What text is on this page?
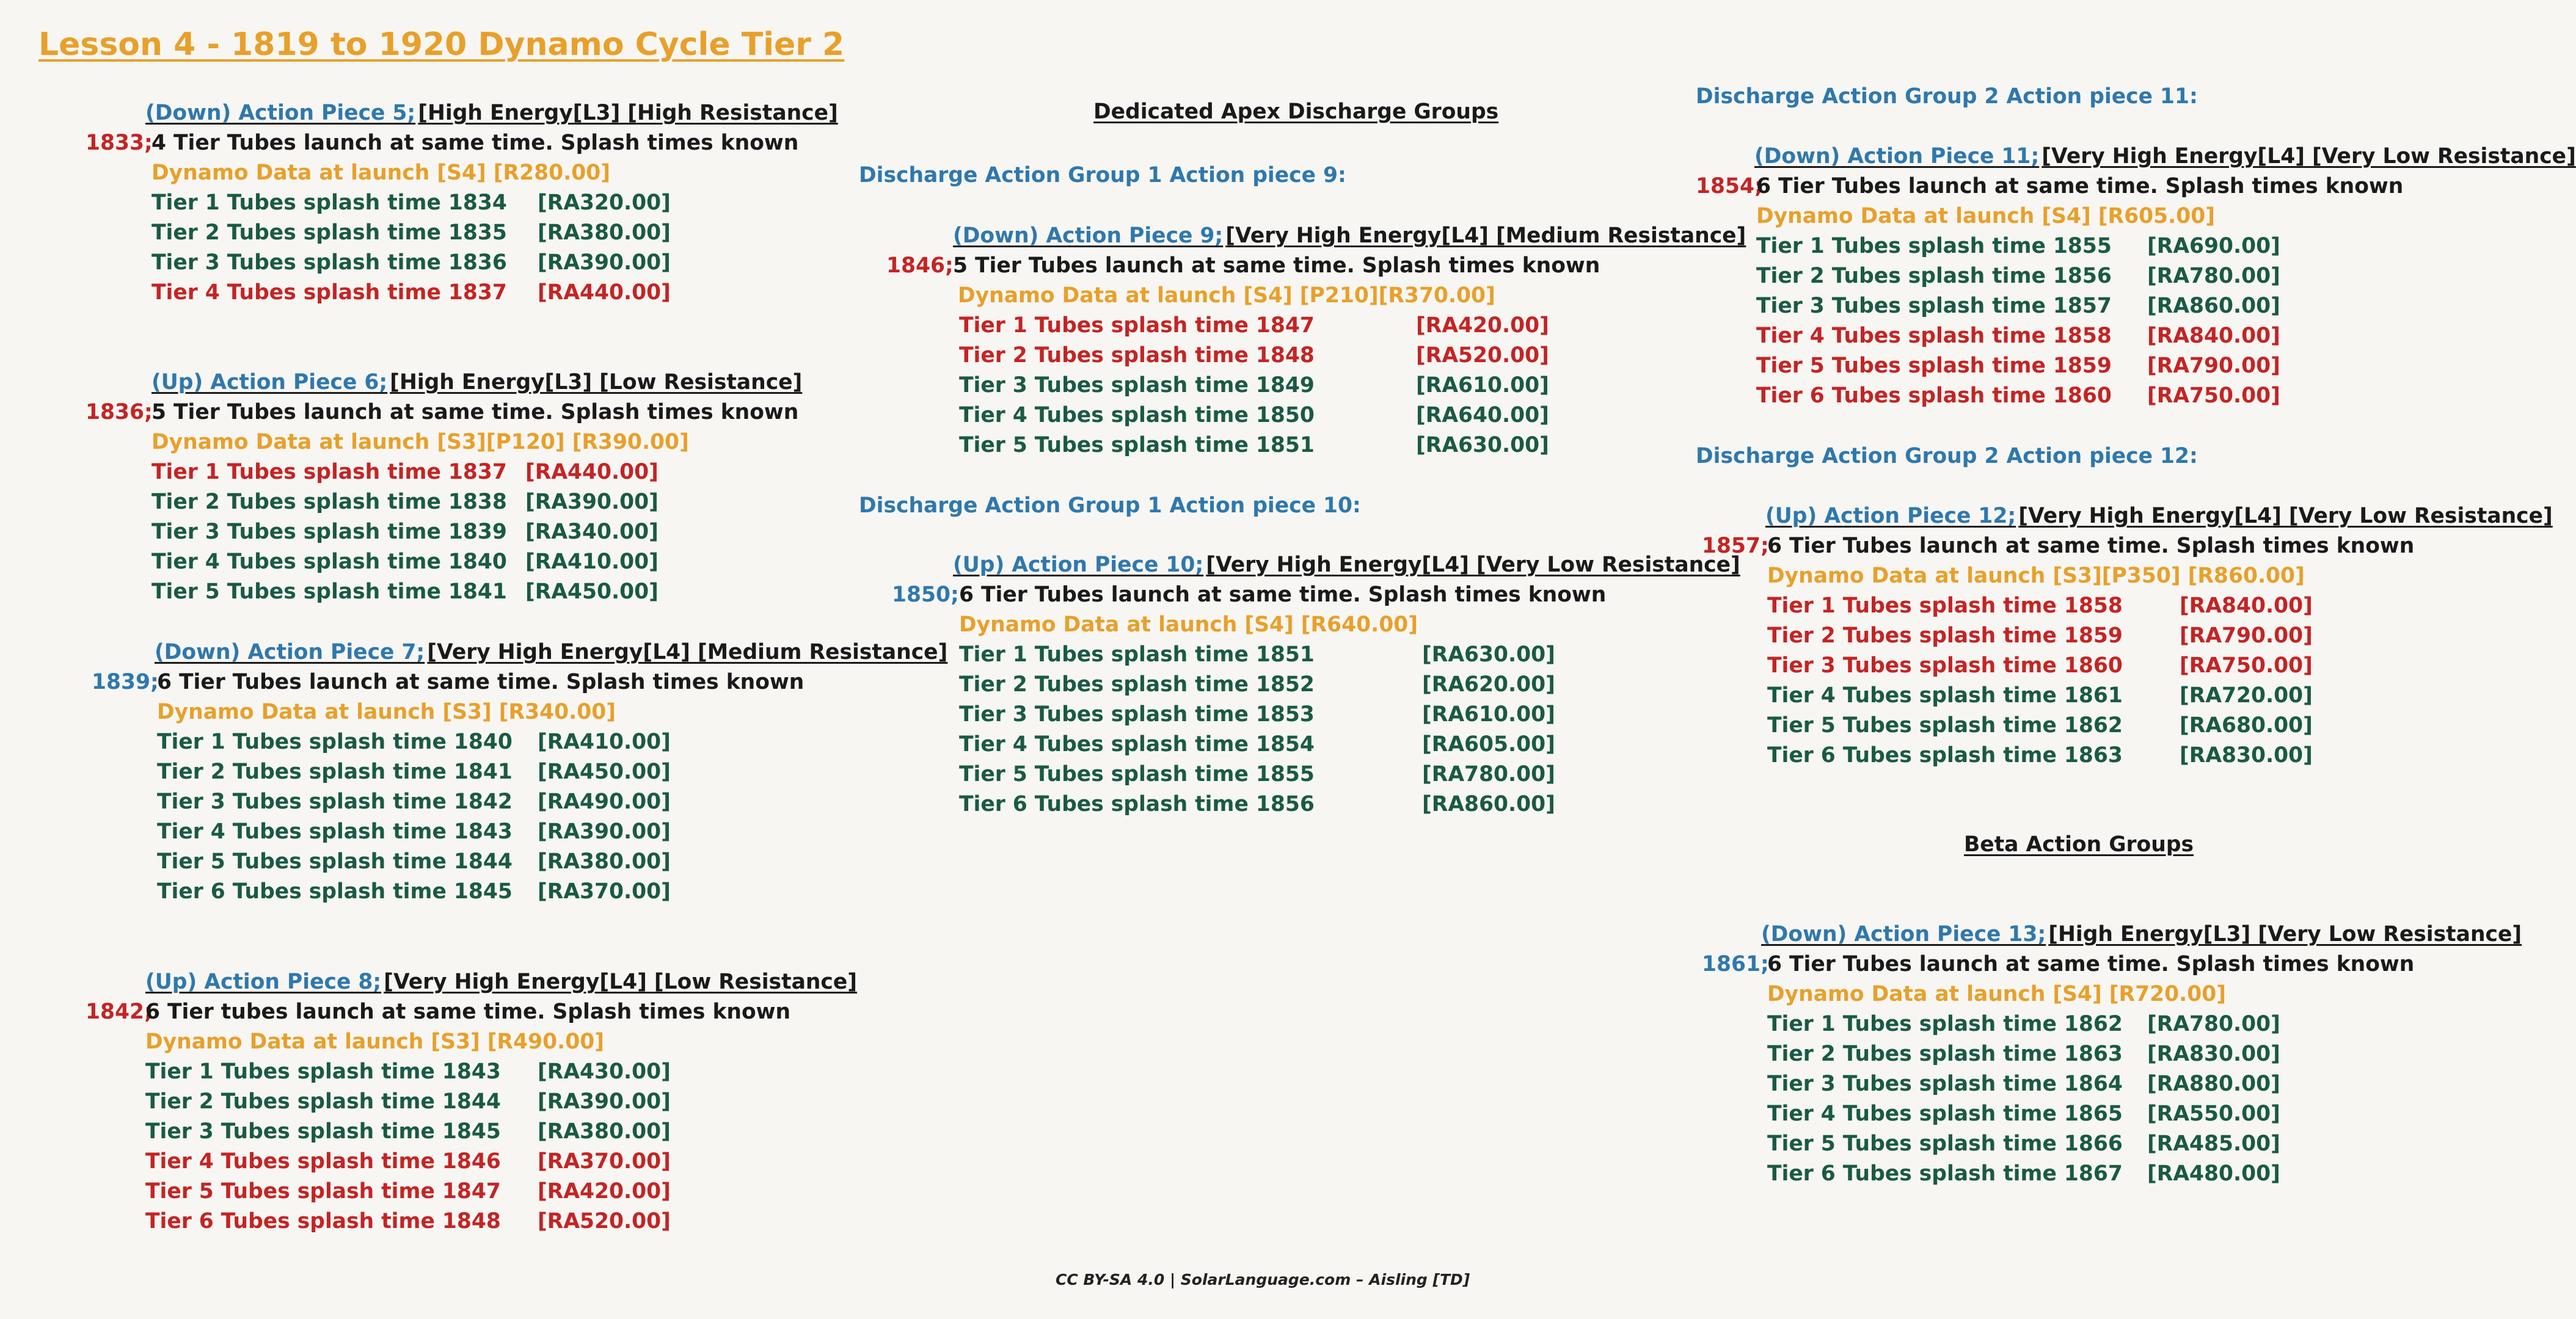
Lesson 4 - 1819 to 1920 Dynamo Cycle Tier 2
(Down) Action Piece 5; [High Energy[L3] [High Resistance]
1833;
4 Tier Tubes launch at same time. Splash times known
Dynamo Data at launch [S4] [R280.00]
Tier 1 Tubes splash time 1834 [RA320.00]
Tier 2 Tubes splash time 1835 [RA380.00]
Tier 3 Tubes splash time 1836 [RA390.00]
Tier 4 Tubes splash time 1837 [RA440.00]
(Up) Action Piece 6; [High Energy[L3] [Low Resistance]
1836;
5 Tier Tubes launch at same time. Splash times known
Dynamo Data at launch [S3][P120] [R390.00]
Tier 1 Tubes splash time 1837 [RA440.00]
Tier 2 Tubes splash time 1838 [RA390.00]
Tier 3 Tubes splash time 1839 [RA340.00]
Tier 4 Tubes splash time 1840 [RA410.00]
Tier 5 Tubes splash time 1841 [RA450.00]
(Down) Action Piece 7; [Very High Energy[L4] [Medium Resistance]
1839;
6 Tier Tubes launch at same time. Splash times known
Dynamo Data at launch [S3] [R340.00]
Tier 1 Tubes splash time 1840 [RA410.00]
Tier 2 Tubes splash time 1841 [RA450.00]
Tier 3 Tubes splash time 1842 [RA490.00]
Tier 4 Tubes splash time 1843 [RA390.00]
Tier 5 Tubes splash time 1844 [RA380.00]
Tier 6 Tubes splash time 1845 [RA370.00]
(Up) Action Piece 8; [Very High Energy[L4] [Low Resistance]
1842;
6 Tier tubes launch at same time. Splash times known
Dynamo Data at launch [S3] [R490.00]
Tier 1 Tubes splash time 1843 [RA430.00]
Tier 2 Tubes splash time 1844 [RA390.00]
Tier 3 Tubes splash time 1845 [RA380.00]
Tier 4 Tubes splash time 1846 [RA370.00]
Tier 5 Tubes splash time 1847 [RA420.00]
Tier 6 Tubes splash time 1848 [RA520.00]
Dedicated Apex Discharge Groups
Discharge Action Group 1 Action piece 9:
(Down) Action Piece 9; [Very High Energy[L4] [Medium Resistance]
1846; 5 Tier Tubes launch at same time. Splash times known
Dynamo Data at launch [S4] [P210][R370.00]
Tier 1 Tubes splash time 1847	[RA420.00]
Tier 2 Tubes splash time 1848	[RA520.00]
Tier 3 Tubes splash time 1849	[RA610.00]
Tier 4 Tubes splash time 1850	[RA640.00]
Tier 5 Tubes splash time 1851	[RA630.00]
Discharge Action Group 1 Action piece 10:
(Up) Action Piece 10; [Very High Energy[L4] [Very Low Resistance]
1850; 6 Tier Tubes launch at same time. Splash times known
Dynamo Data at launch [S4] [R640.00]
Tier 1 Tubes splash time 1851	[RA630.00]
Tier 2 Tubes splash time 1852	[RA620.00]
Tier 3 Tubes splash time 1853	[RA610.00]
Tier 4 Tubes splash time 1854	[RA605.00]
Tier 5 Tubes splash time 1855	[RA780.00]
Tier 6 Tubes splash time 1856	[RA860.00]
Discharge Action Group 2 Action piece 11:
(Down) Action Piece 11; [Very High Energy[L4] [Very Low Resistance]
1854;
6 Tier Tubes launch at same time. Splash times known
Dynamo Data at launch [S4] [R605.00]
Tier 1 Tubes splash time 1855 [RA690.00]
Tier 2 Tubes splash time 1856 [RA780.00]
Tier 3 Tubes splash time 1857 [RA860.00]
Tier 4 Tubes splash time 1858 [RA840.00]
Tier 5 Tubes splash time 1859 [RA790.00]
Tier 6 Tubes splash time 1860 [RA750.00]
Discharge Action Group 2 Action piece 12:
(Up) Action Piece 12; [Very High Energy[L4] [Very Low Resistance]
1857;
6 Tier Tubes launch at same time. Splash times known
Dynamo Data at launch [S3][P350] [R860.00]
Tier 1 Tubes splash time 1858	[RA840.00]
Tier 2 Tubes splash time 1859	[RA790.00]
Tier 3 Tubes splash time 1860	[RA750.00]
Tier 4 Tubes splash time 1861	[RA720.00]
Tier 5 Tubes splash time 1862	[RA680.00]
Tier 6 Tubes splash time 1863	[RA830.00]
Beta Action Groups
(Down) Action Piece 13; [High Energy[L3] [Very Low Resistance]
1861;
6 Tier Tubes launch at same time. Splash times known
Dynamo Data at launch [S4] [R720.00]
Tier 1 Tubes splash time 1862 [RA780.00]
Tier 2 Tubes splash time 1863 [RA830.00]
Tier 3 Tubes splash time 1864 [RA880.00]
Tier 4 Tubes splash time 1865 [RA550.00]
Tier 5 Tubes splash time 1866 [RA485.00]
Tier 6 Tubes splash time 1867 [RA480.00]
CC BY-SA 4.0 | SolarLanguage.com – Aisling [TD]
